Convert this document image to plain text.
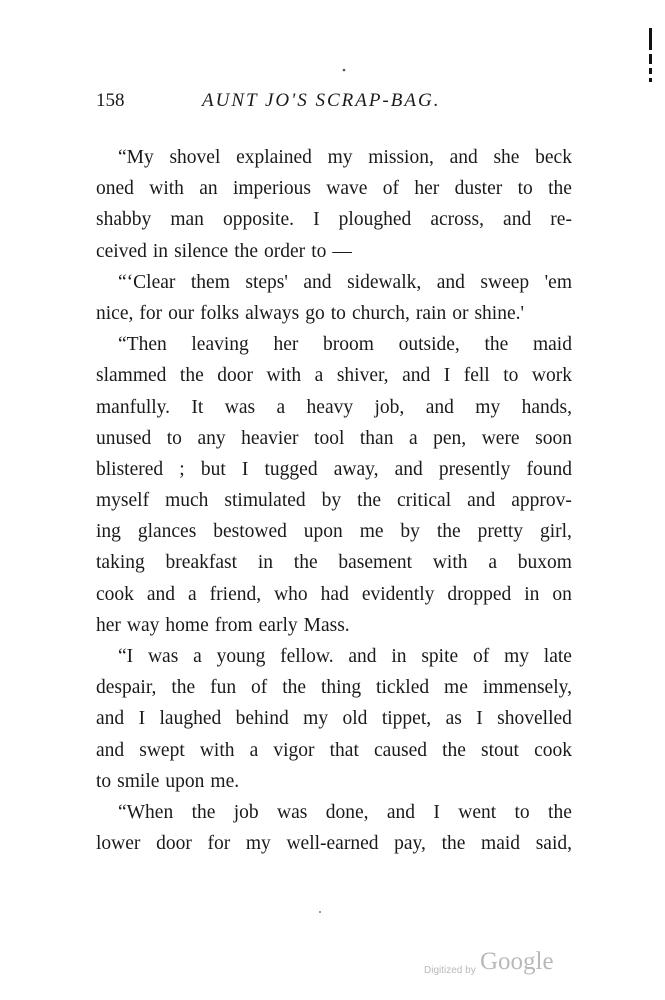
158	AUNT JO'S SCRAP-BAG.
“My shovel explained my mission, and she beck
oned with an imperious wave of her duster to the
shabby man opposite. I ploughed across, and re-
ceived in silence the order to —
“‘Clear them steps' and sidewalk, and sweep 'em
nice, for our folks always go to church, rain or shine.'
“Then leaving her broom outside, the maid
slammed the door with a shiver, and I fell to work
manfully. It was a heavy job, and my hands,
unused to any heavier tool than a pen, were soon
blistered ; but I tugged away, and presently found
myself much stimulated by the critical and approv-
ing glances bestowed upon me by the pretty girl,
taking breakfast in the basement with a buxom
cook and a friend, who had evidently dropped in on
her way home from early Mass.
“I was a young fellow. and in spite of my late
despair, the fun of the thing tickled me immensely,
and I laughed behind my old tippet, as I shovelled
and swept with a vigor that caused the stout cook
to smile upon me.
“When the job was done, and I went to the
lower door for my well-earned pay, the maid said,
Digitized by Google
